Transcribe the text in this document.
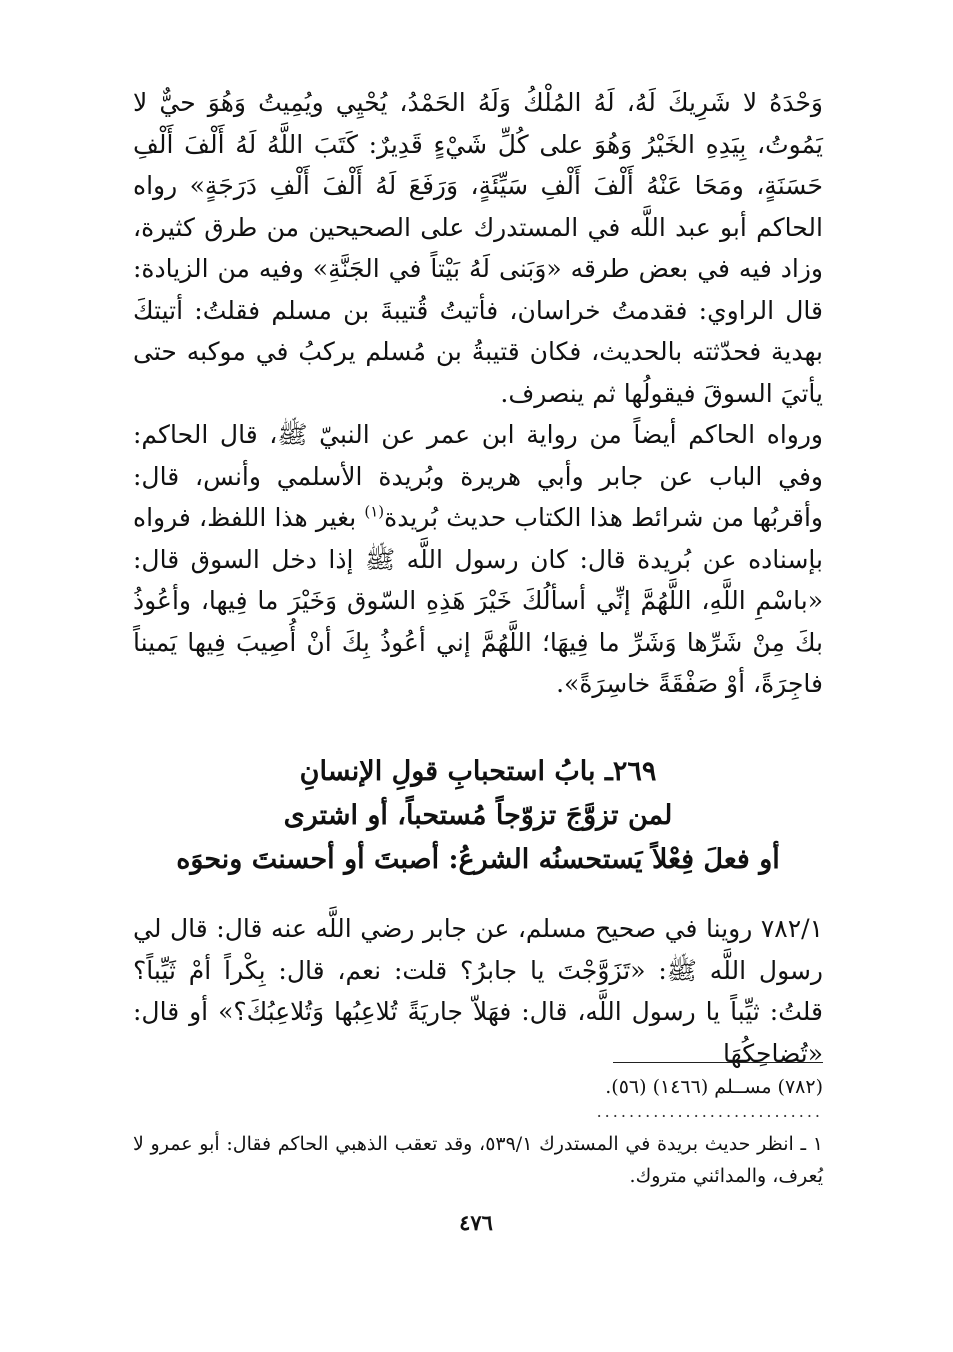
وَحْدَهُ لا شَرِيكَ لَهُ، لَهُ المُلْكُ وَلَهُ الحَمْدُ، يُحْيِي ويُمِيتُ وَهُوَ حيٌّ لا يَمُوتُ، بِيَدِهِ الخَيْرُ وَهُوَ على كُلِّ شَيْءٍ قَدِيرٌ: كَتَبَ اللَّهُ لَهُ أَلْفَ أَلْفِ حَسَنَةٍ، ومَحَا عَنْهُ أَلْفَ أَلْفِ سَيِّئَةٍ، وَرَفَعَ لَهُ أَلْفَ أَلْفِ دَرَجَةٍ» رواه الحاكم أبو عبد اللَّه في المستدرك على الصحيحين من طرق كثيرة، وزاد فيه في بعض طرقه «وَبَنى لَهُ بَيْتاً في الجَنَّةِ» وفيه من الزيادة: قال الراوي: فقدمتُ خراسان، فأتيتُ قُتيبةَ بن مسلم فقلتُ: أتيتكَ بهدية فحدّثته بالحديث، فكان قتيبةُ بن مُسلم يركبُ في موكبه حتى يأتيَ السوقَ فيقولُها ثم ينصرف.

ورواه الحاكم أيضاً من رواية ابن عمر عن النبيّ ﷺ، قال الحاكم: وفي الباب عن جابر وأبي هريرة وبُريدة الأسلمي وأنس، قال: وأقربُها من شرائط هذا الكتاب حديث بُريدة$^{(١)}$ بغير هذا اللفظ، فرواه بإسناده عن بُريدة قال: كان رسول اللَّه ﷺ إذا دخل السوق قال: «باسْمِ اللَّهِ، اللَّهُمَّ إنِّي أسألُكَ خَيْرَ هَذِهِ السّوق وَخَيْرَ ما فِيها، وأعُوذُ بكَ مِنْ شَرِّها وَشَرِّ ما فِيهَا؛ اللَّهُمَّ إني أعُوذُ بِكَ أنْ أُصِيبَ فِيها يَميناً فاجِرَةً، أوْ صَفْقَةً خاسِرَةً».

٢٦٩ـ بابُ استحبابِ قولِ الإنسانِ
لمن تزوَّجَ تزوّجاً مُستحباً، أو اشترى
أو فعلَ فِعْلاً يَستحسنُه الشرعُ: أصبتَ أو أحسنتَ ونحوَه

٧٨٢/١ روينا في صحيح مسلم، عن جابر رضي اللَّه عنه قال: قال لي رسول اللَّه ﷺ: «تَزَوَّجْتَ يا جابرُ؟ قلت: نعم، قال: بِكْراً أمْ ثَيِّباً؟ قلتُ: ثيِّباً يا رسول اللَّه، قال: فهَلاّ جاريَةً تُلاعِبُها وَتُلاعِبُكَ؟» أو قال: «تُضاحِكُهَا

(٧٨٢) مســلم (١٤٦٦) (٥٦).
............................
١ ـ انظر حديث بريدة في المستدرك ٥٣٩/١، وقد تعقب الذهبي الحاكم فقال: أبو عمرو لا يُعرف، والمدائني متروك.
٤٧٦
